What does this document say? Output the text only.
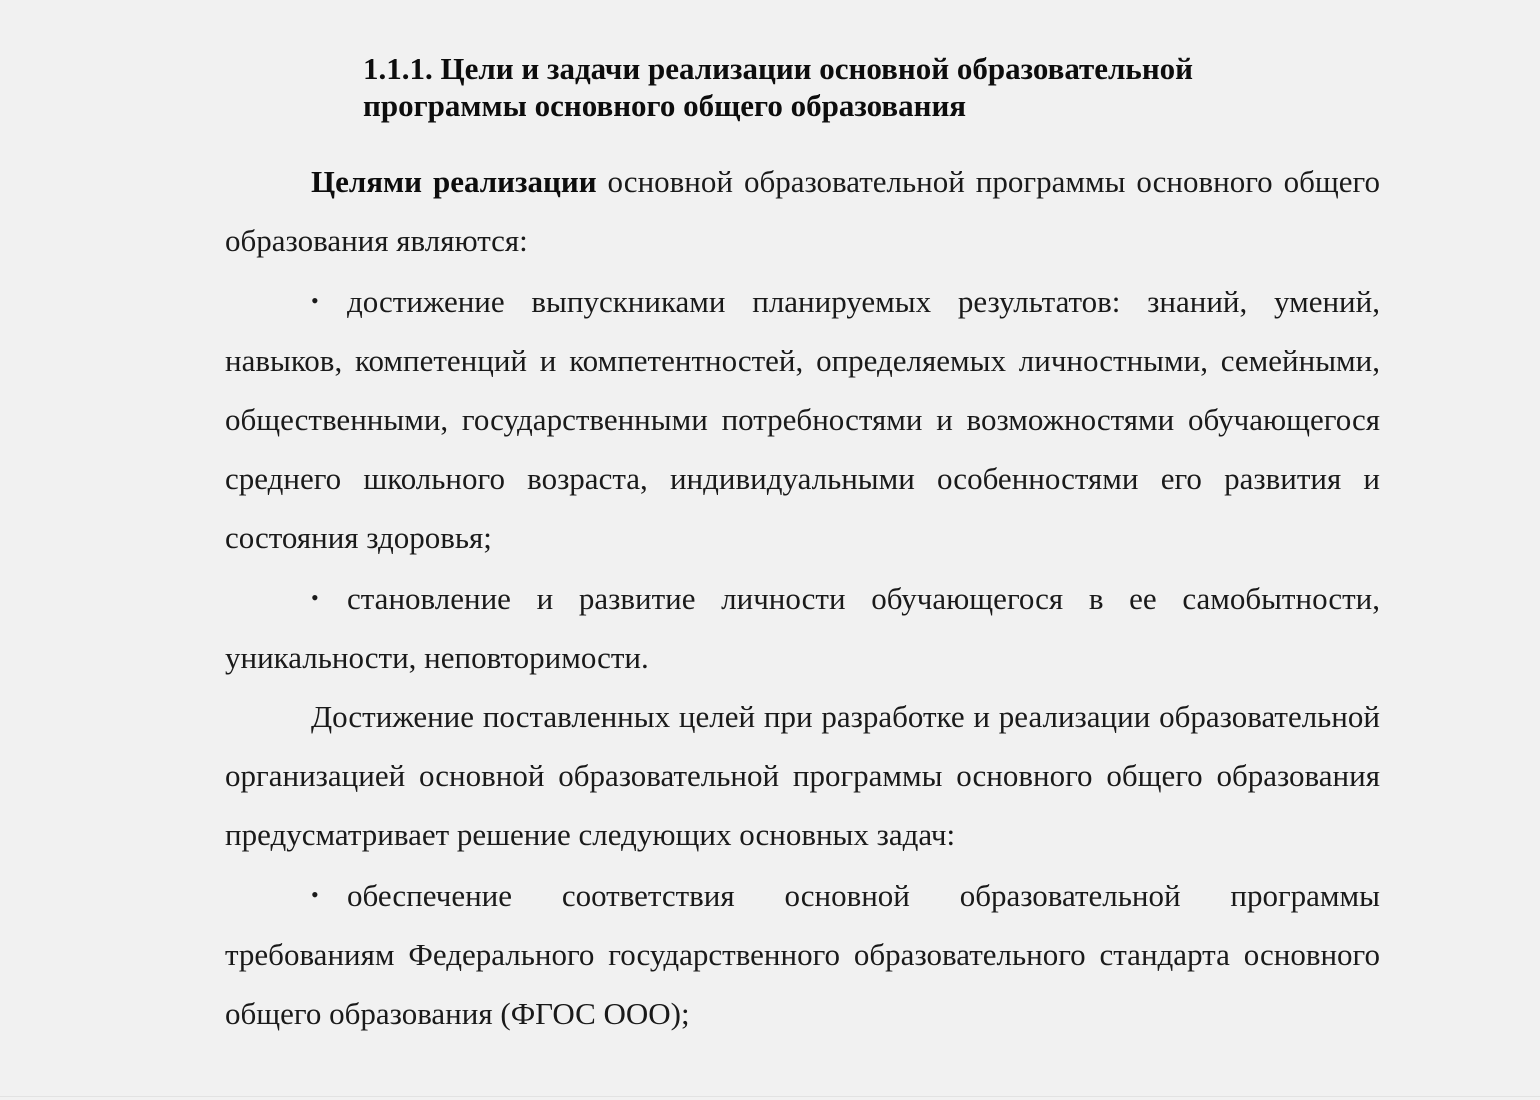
1.1.1. Цели и задачи реализации основной образовательной
программы основного общего образования

Целями реализации основной образовательной программы основного общего образования являются:

• достижение выпускниками планируемых результатов: знаний, умений, навыков, компетенций и компетентностей, определяемых личностными, семейными, общественными, государственными потребностями и возможностями обучающегося среднего школьного возраста, индивидуальными особенностями его развития и состояния здоровья;

• становление и развитие личности обучающегося в ее самобытности, уникальности, неповторимости.

Достижение поставленных целей при разработке и реализации образовательной организацией основной образовательной программы основного общего образования предусматривает решение следующих основных задач:

• обеспечение соответствия основной образовательной программы требованиям Федерального государственного образовательного стандарта основного общего образования (ФГОС ООО);
